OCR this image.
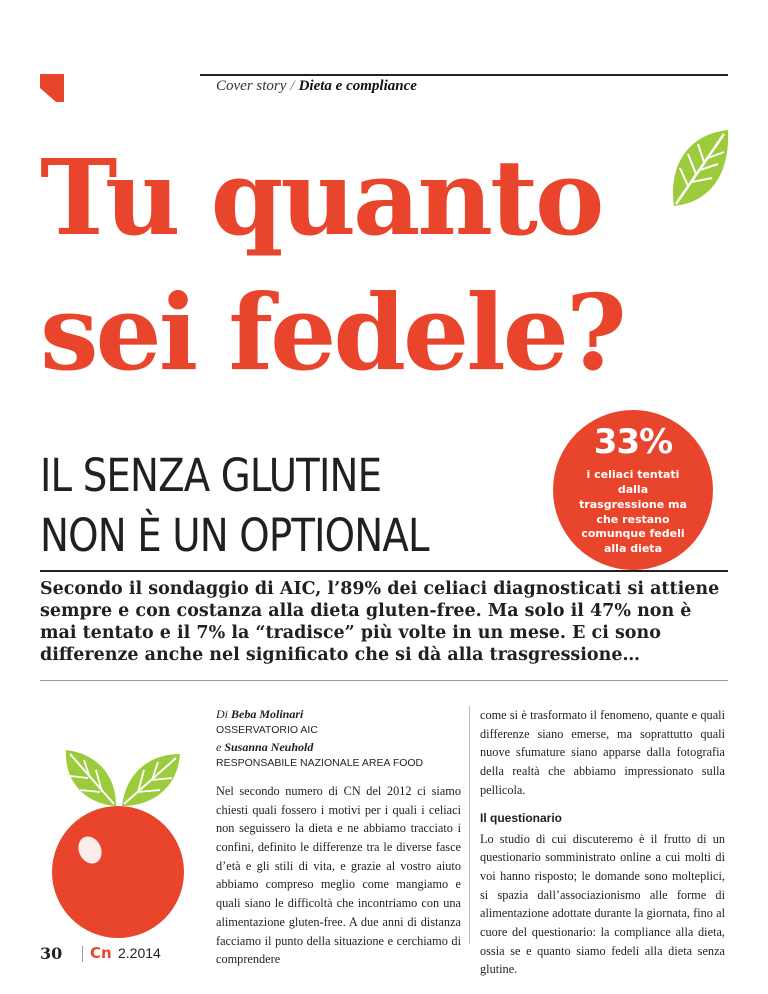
Cover story / Dieta e compliance
Tu quanto
sei fedele?
IL SENZA GLUTINE
NON È UN OPTIONAL
33%
i celiaci tentati dalla trasgressione ma che restano comunque fedeli alla dieta

Secondo il sondaggio di AIC, l’89% dei celiaci diagnosticati si attiene sempre e con costanza alla dieta gluten-free. Ma solo il 47% non è mai tentato e il 7% la “tradisce” più volte in un mese. E ci sono differenze anche nel significato che si dà alla trasgressione…

Di Beba Molinari
OSSERVATORIO AIC
e Susanna Neuhold
RESPONSABILE NAZIONALE AREA FOOD

Nel secondo numero di CN del 2012 ci siamo chiesti quali fossero i motivi per i quali i celiaci non seguissero la dieta e ne abbiamo tracciato i confini, definito le differenze tra le diverse fasce d’età e gli stili di vita, e grazie al vostro aiuto abbiamo compreso meglio come mangiamo e quali siano le difficoltà che incontriamo con una alimentazione gluten-free. A due anni di distanza facciamo il punto della situazione e cerchiamo di comprendere

come si è trasformato il fenomeno, quante e quali differenze siano emerse, ma soprattutto quali nuove sfumature siano apparse dalla fotografia della realtà che abbiamo impressionato sulla pellicola.

Il questionario

Lo studio di cui discuteremo è il frutto di un questionario somministrato online a cui molti di voi hanno risposto; le domande sono molteplici, si spazia dall’associazionismo alle forme di alimentazione adottate durante la giornata, fino al cuore del questionario: la compliance alla dieta, ossia se e quanto siamo fedeli alla dieta senza glutine.

30 Cn 2.2014
